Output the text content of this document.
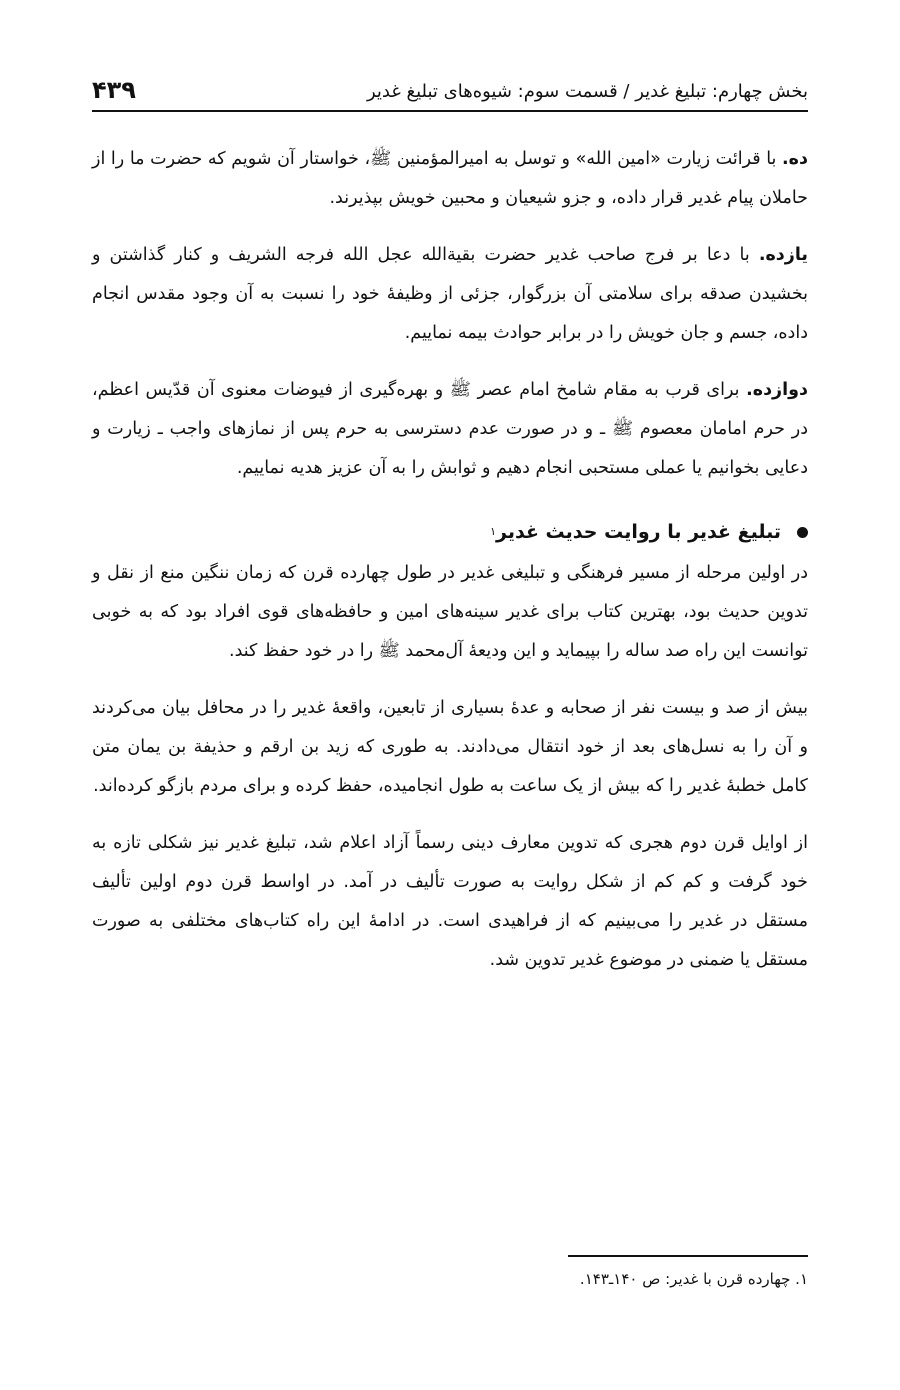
بخش چهارم: تبلیغ غدیر / قسمت سوم: شیوه‌های تبلیغ غدیر
۴۳۹

ده. با قرائت زیارت «امین الله» و توسل به امیرالمؤمنین ﷺ، خواستار آن شویم که حضرت ما را از حاملان پیام غدیر قرار داده، و جزو شیعیان و محبین خویش بپذیرند.

یازده. با دعا بر فرج صاحب غدیر حضرت بقیةالله عجل الله فرجه الشریف و کنار گذاشتن و بخشیدن صدقه برای سلامتی آن بزرگوار، جزئی از وظیفهٔ خود را نسبت به آن وجود مقدس انجام داده، جسم و جان خویش را در برابر حوادث بیمه نماییم.

دوازده. برای قرب به مقام شامخ امام عصر ﷺ و بهره‌گیری از فیوضات معنوی آن قدّیس اعظم، در حرم امامان معصوم ﷺ ـ و در صورت عدم دسترسی به حرم پس از نمازهای واجب ـ زیارت و دعایی بخوانیم یا عملی مستحبی انجام دهیم و ثوابش را به آن عزیز هدیه نماییم.

تبلیغ غدیر با روایت حدیث غدیر
۱

در اولین مرحله از مسیر فرهنگی و تبلیغی غدیر در طول چهارده قرن که زمان ننگین منع از نقل و تدوین حدیث بود، بهترین کتاب برای غدیر سینه‌های امین و حافظه‌های قوی افراد بود که به خوبی توانست این راه صد ساله را بپیماید و این ودیعهٔ آل‌محمد ﷺ را در خود حفظ کند.

بیش از صد و بیست نفر از صحابه و عدهٔ بسیاری از تابعین، واقعهٔ غدیر را در محافل بیان می‌کردند و آن را به نسل‌های بعد از خود انتقال می‌دادند. به طوری که زید بن ارقم و حذیفة بن یمان متن کامل خطبهٔ غدیر را که بیش از یک ساعت به طول انجامیده، حفظ کرده و برای مردم بازگو کرده‌اند.

از اوایل قرن دوم هجری که تدوین معارف دینی رسماً آزاد اعلام شد، تبلیغ غدیر نیز شکلی تازه به خود گرفت و کم کم از شکل روایت به صورت تألیف در آمد. در اواسط قرن دوم اولین تألیف مستقل در غدیر را می‌بینیم که از فراهیدی است. در ادامهٔ این راه کتاب‌های مختلفی به صورت مستقل یا ضمنی در موضوع غدیر تدوین شد.

۱. چهارده قرن با غدیر: ص ۱۴۰ـ۱۴۳.
